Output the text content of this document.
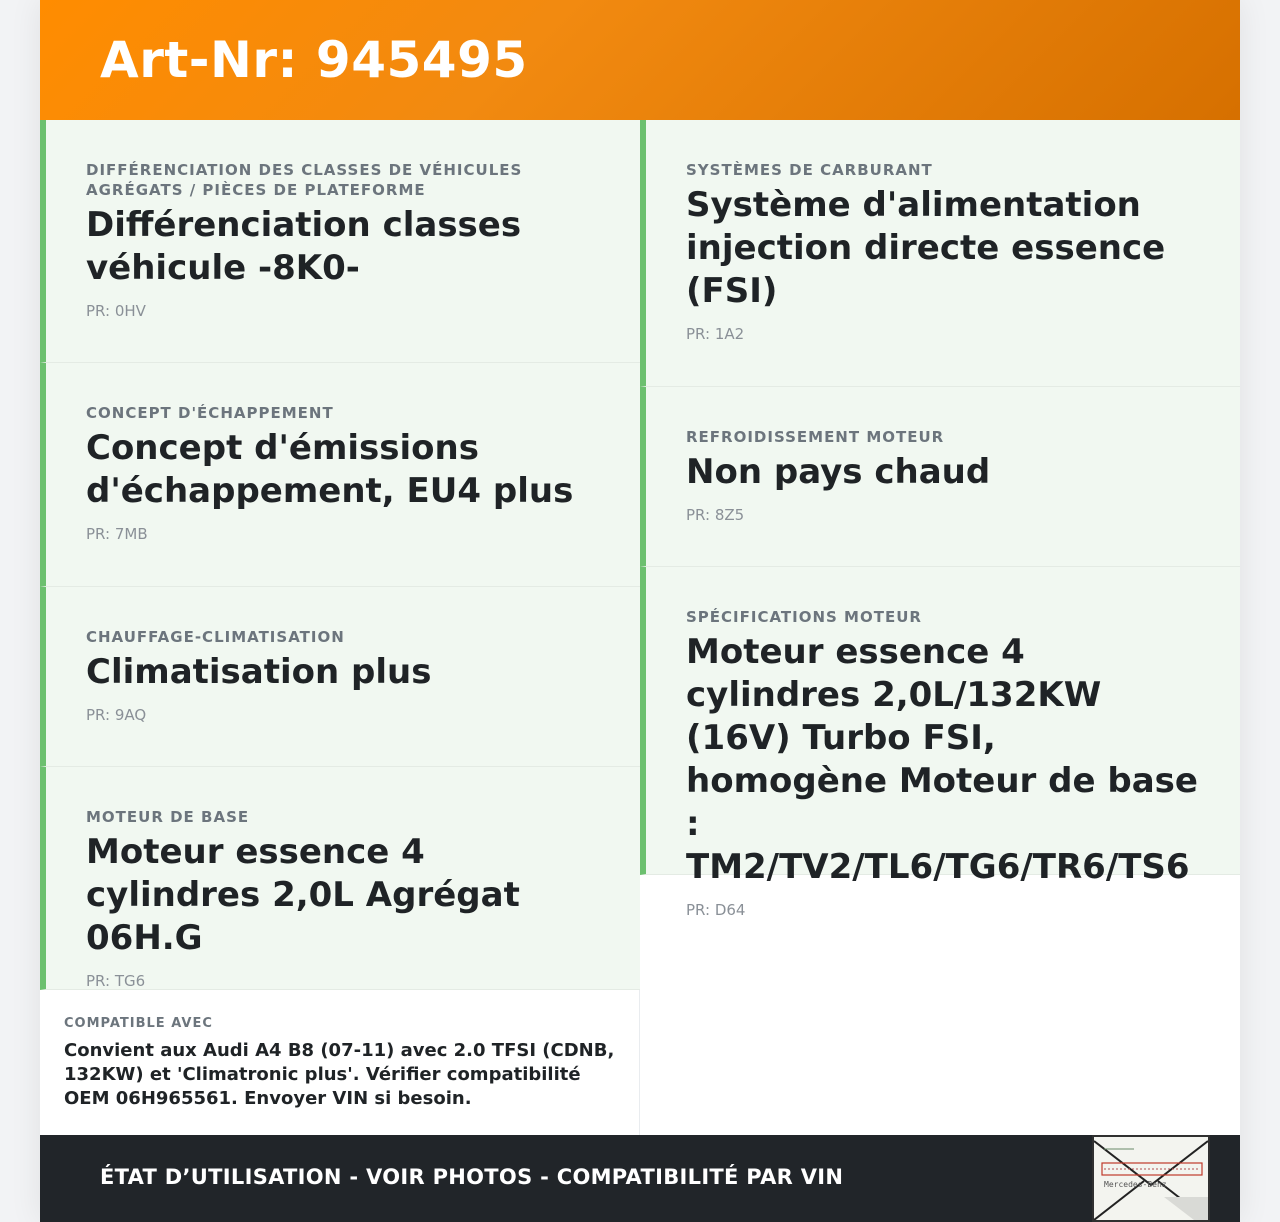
Art-Nr: 945495
DIFFÉRENCIATION DES CLASSES DE VÉHICULES
AGRÉGATS / PIÈCES DE PLATEFORME
Différenciation classes véhicule -8K0-
PR: 0HV
CONCEPT D'ÉCHAPPEMENT
Concept d'émissions d'échappement, EU4 plus
PR: 7MB
CHAUFFAGE-CLIMATISATION
Climatisation plus
PR: 9AQ
MOTEUR DE BASE
Moteur essence 4 cylindres 2,0L Agrégat 06H.G
PR: TG6
SYSTÈMES DE CARBURANT
Système d'alimentation injection directe essence (FSI)
PR: 1A2
REFROIDISSEMENT MOTEUR
Non pays chaud
PR: 8Z5
SPÉCIFICATIONS MOTEUR
Moteur essence 4 cylindres 2,0L/132KW (16V) Turbo FSI, homogène Moteur de base : TM2/TV2/TL6/TG6/TR6/TS6
PR: D64
COMPATIBLE AVEC
Convient aux Audi A4 B8 (07-11) avec 2.0 TFSI (CDNB, 132KW) et 'Climatronic plus'. Vérifier compatibilité OEM 06H965561. Envoyer VIN si besoin.
ÉTAT D’UTILISATION - VOIR PHOTOS - COMPATIBILITÉ PAR VIN	Mercedes-Benz
